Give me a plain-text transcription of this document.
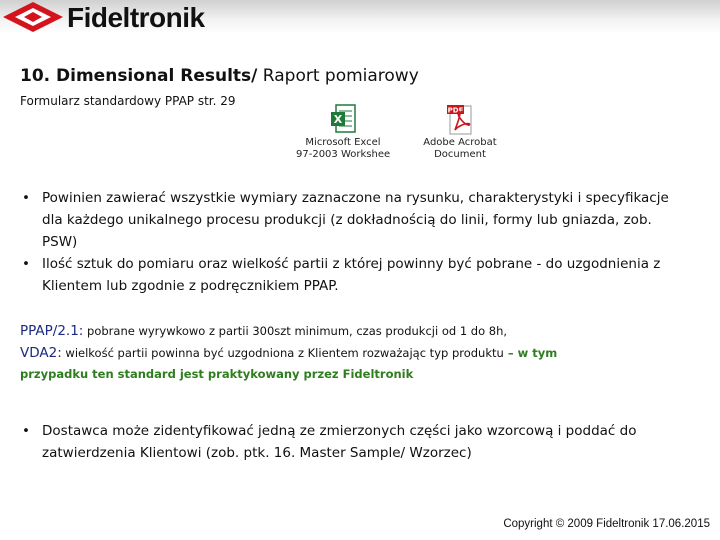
Fideltronik
10. Dimensional Results/ Raport pomiarowy
Formularz standardowy PPAP str. 29
X
Microsoft Excel
97-2003 Workshee
PDF
Adobe Acrobat
Document
• Powinien zawierać wszystkie wymiary zaznaczone na rysunku, charakterystyki i specyfikacje dla każdego unikalnego procesu produkcji (z dokładnością do linii, formy lub gniazda, zob. PSW)
• Ilość sztuk do pomiaru oraz wielkość partii z której powinny być pobrane - do uzgodnienia z Klientem lub zgodnie z podręcznikiem PPAP.
PPAP/2.1: pobrane wyrywkowo z partii 300szt minimum, czas produkcji od 1 do 8h,
VDA2: wielkość partii powinna być uzgodniona z Klientem rozważając typ produktu – w tym
przypadku ten standard jest praktykowany przez Fideltronik
• Dostawca może zidentyfikować jedną ze zmierzonych części jako wzorcową i poddać do zatwierdzenia Klientowi (zob. ptk. 16. Master Sample/ Wzorzec)
Copyright © 2009 Fideltronik 17.06.2015
